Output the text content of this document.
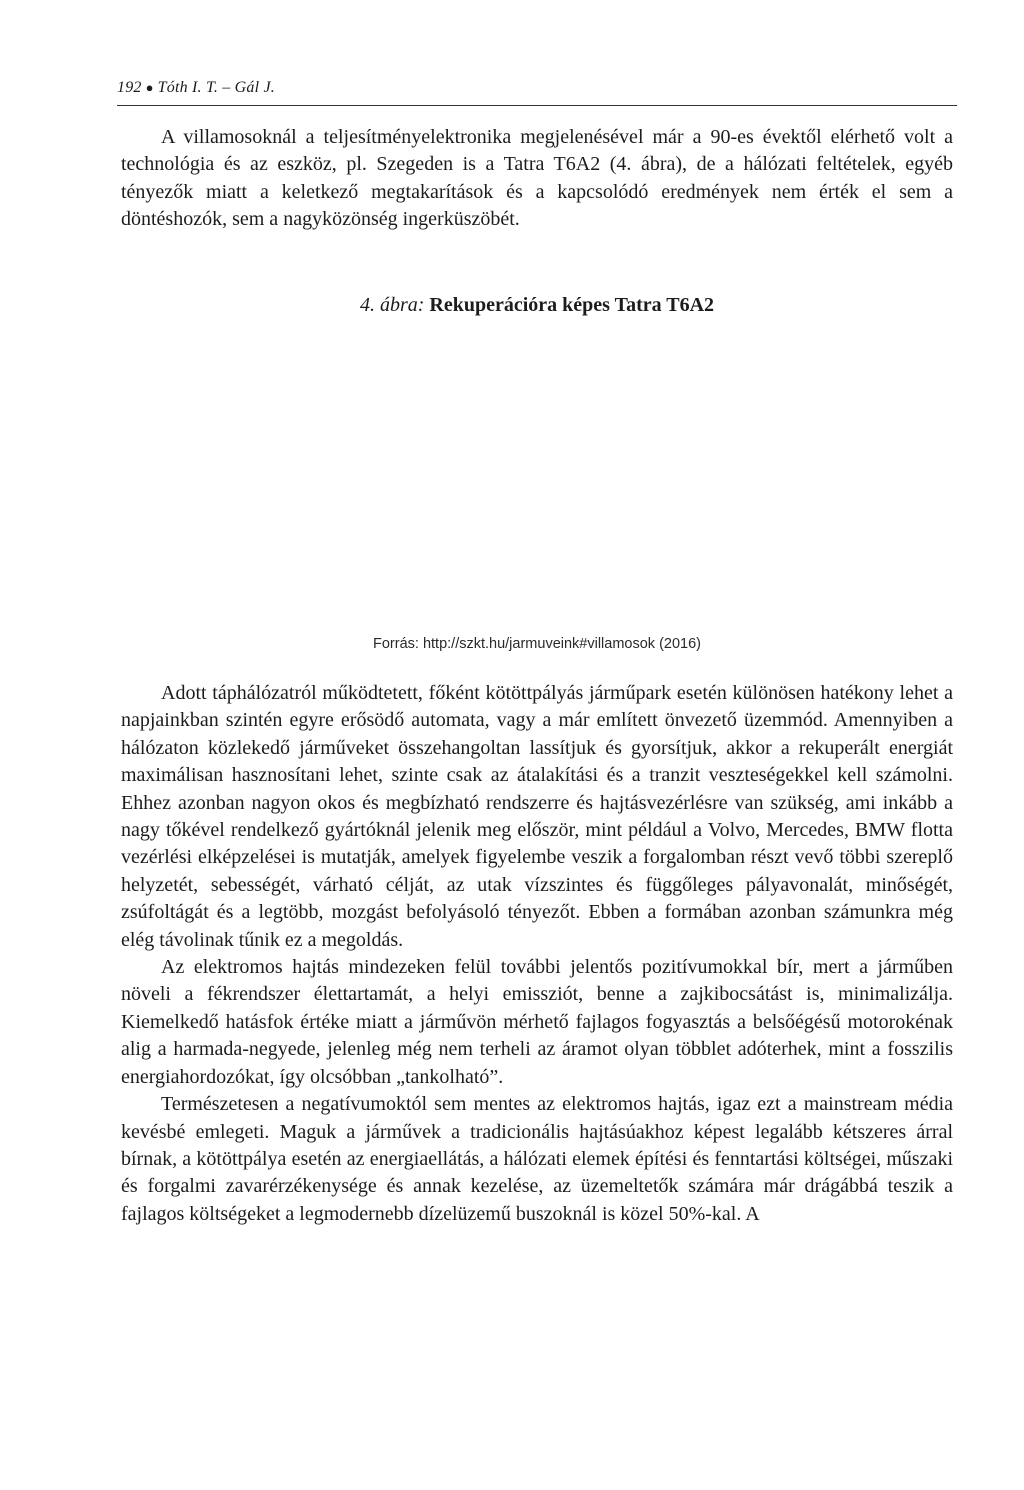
192 ● Tóth I. T. – Gál J.

A villamosoknál a teljesítményelektronika megjelenésével már a 90-es évektől elérhető volt a technológia és az eszköz, pl. Szegeden is a Tatra T6A2 (4. ábra), de a hálózati feltételek, egyéb tényezők miatt a keletkező megtakarítások és a kapcsolódó eredmények nem érték el sem a döntéshozók, sem a nagyközönség ingerküszöbét.

4. ábra: Rekuperációra képes Tatra T6A2
Forrás: http://szkt.hu/jarmuveink#villamosok (2016)

Adott táphálózatról működtetett, főként kötöttpályás járműpark esetén különösen hatékony lehet a napjainkban szintén egyre erősödő automata, vagy a már említett önvezető üzemmód. Amennyiben a hálózaton közlekedő járműveket összehangoltan lassítjuk és gyorsítjuk, akkor a rekuperált energiát maximálisan hasznosítani lehet, szinte csak az átalakítási és a tranzit veszteségekkel kell számolni. Ehhez azonban nagyon okos és megbízható rendszerre és hajtásvezérlésre van szükség, ami inkább a nagy tőkével rendelkező gyártóknál jelenik meg először, mint például a Volvo, Mercedes, BMW flotta vezérlési elképzelései is mutatják, amelyek figyelembe veszik a forgalomban részt vevő többi szereplő helyzetét, sebességét, várható célját, az utak vízszintes és függőleges pályavonalát, minőségét, zsúfoltágát és a legtöbb, mozgást befolyásoló tényezőt. Ebben a formában azonban számunkra még elég távolinak tűnik ez a megoldás.

Az elektromos hajtás mindezeken felül további jelentős pozitívumokkal bír, mert a járműben növeli a fékrendszer élettartamát, a helyi emissziót, benne a zajkibocsátást is, minimalizálja. Kiemelkedő hatásfok értéke miatt a járművön mérhető fajlagos fogyasztás a belsőégésű motorokénak alig a harmada-negyede, jelenleg még nem terheli az áramot olyan többlet adóterhek, mint a fosszilis energiahordozókat, így olcsóbban „tankolható”.

Természetesen a negatívumoktól sem mentes az elektromos hajtás, igaz ezt a mainstream média kevésbé emlegeti. Maguk a járművek a tradicionális hajtásúakhoz képest legalább kétszeres árral bírnak, a kötöttpálya esetén az energiaellátás, a hálózati elemek építési és fenntartási költségei, műszaki és forgalmi zavarérzékenysége és annak kezelése, az üzemeltetők számára már drágábbá teszik a fajlagos költségeket a legmodernebb dízelüzemű buszoknál is közel 50%-kal. A
